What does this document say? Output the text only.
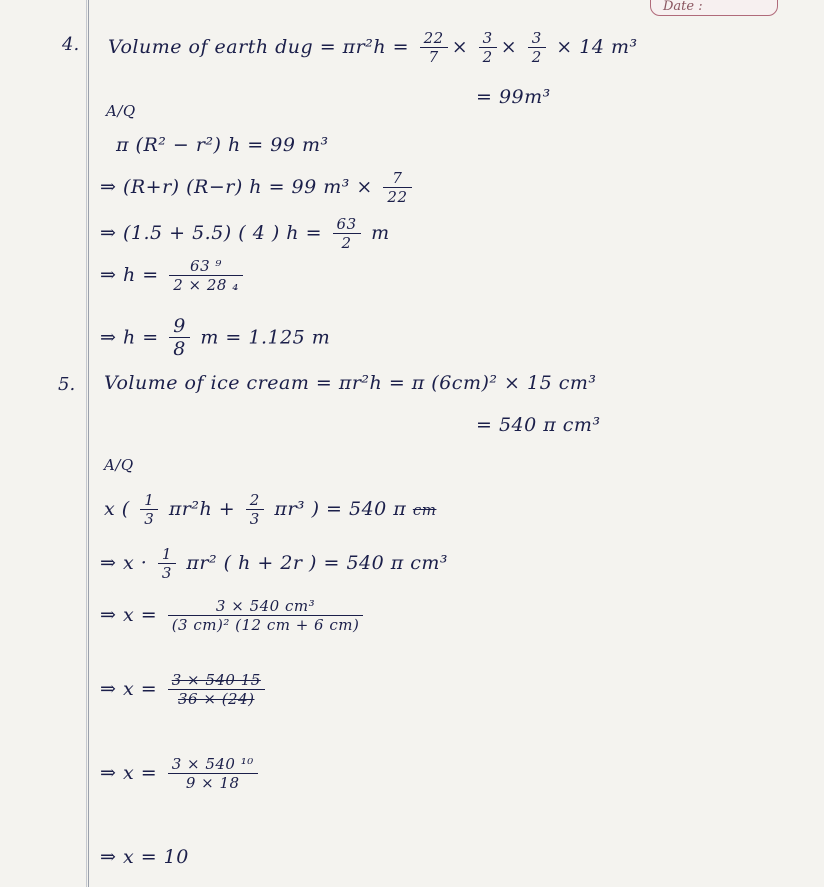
Date :
4. Volume of earth dug = $\pi r^2h = \frac{22}{7} \times \frac{3}{2} \times \frac{3}{2} \times 14$ m³
= 99m³
A/Q
π (R² − r²) h = 99 m³
⇒ (R+r) (R−r) h = 99 $m^3 \times \frac{7}{22}$
⇒ (1.5 + 5.5) ( 4 ) $h = \frac{63}{2}$ m
⇒ $h = \frac{\text{63 ⁹}}{\text{2 × 28 ₄}}$
⇒ $h = \frac{9}{8}$ m = 1.125 m
5. Volume of ice cream = πr²h = π (6cm)² × 15 cm³
= 540 π cm³
A/Q
x ( $\frac{1}{3} \pi r^2h + \frac{2}{3} \pi r^3$ ) = 540 π cm
⇒ $x \cdot \frac{1}{3} \pi r^2$ ( h + 2r ) = 540 π cm³
⇒ $x = \frac{\text{3 × 540 cm³}}{\text{(3 cm)² (12 cm + 6 cm)}}$
⇒ $x = \frac{3 \times 540 15}{36 \times (24)}$
⇒ $x = \frac{\text{3 × 540 ¹⁰}}{9 \times 18}$
⇒ x = 10
